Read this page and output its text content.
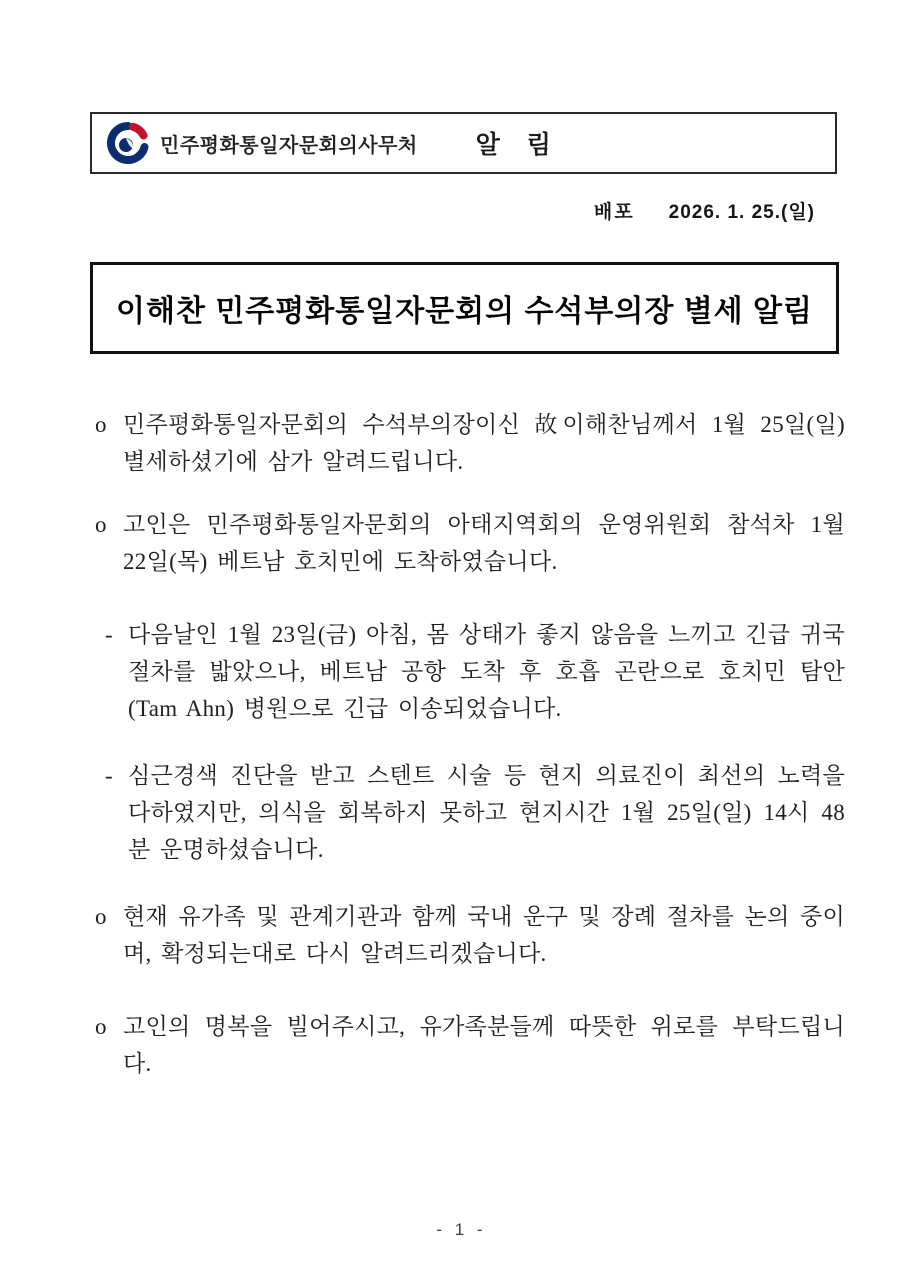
민주평화통일자문회의사무처 알 림
배포 2026. 1. 25.(일)
이해찬 민주평화통일자문회의 수석부의장 별세 알림
o 민주평화통일자문회의 수석부의장이신 故이해찬님께서 1월 25일(일) 별세하셨기에 삼가 알려드립니다.
o 고인은 민주평화통일자문회의 아태지역회의 운영위원회 참석차 1월 22일(목) 베트남 호치민에 도착하였습니다.
- 다음날인 1월 23일(금) 아침, 몸 상태가 좋지 않음을 느끼고 긴급 귀국절차를 밟았으나, 베트남 공항 도착 후 호흡 곤란으로 호치민 탐안(Tam Ahn) 병원으로 긴급 이송되었습니다.
- 심근경색 진단을 받고 스텐트 시술 등 현지 의료진이 최선의 노력을 다하였지만, 의식을 회복하지 못하고 현지시간 1월 25일(일) 14시 48분 운명하셨습니다.
o 현재 유가족 및 관계기관과 함께 국내 운구 및 장례 절차를 논의 중이며, 확정되는대로 다시 알려드리겠습니다.
o 고인의 명복을 빌어주시고, 유가족분들께 따뜻한 위로를 부탁드립니다.
- 1 -
